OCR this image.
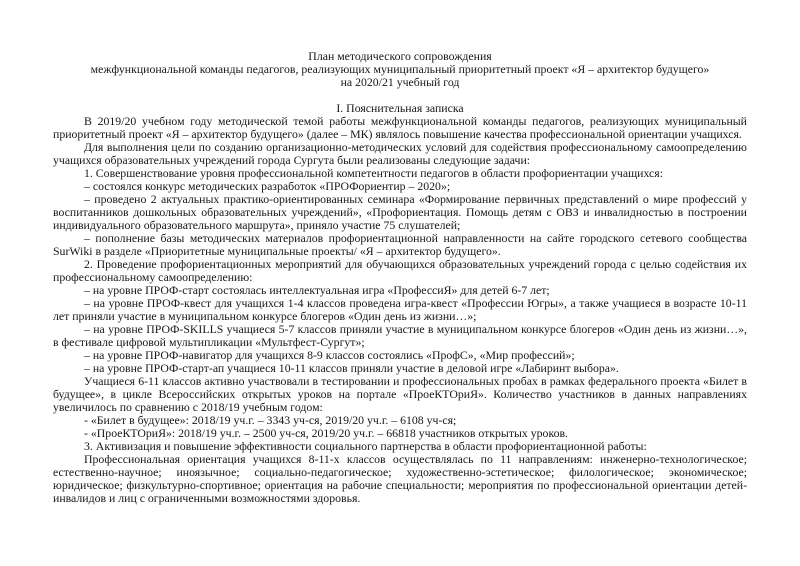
План методического сопровождения
межфункциональной команды педагогов, реализующих муниципальный приоритетный проект «Я – архитектор будущего»
на 2020/21 учебный год
I. Пояснительная записка

В 2019/20 учебном году методической темой работы межфункциональной команды педагогов, реализующих муниципальный приоритетный проект «Я – архитектор будущего» (далее – МК) являлось повышение качества профессиональной ориентации учащихся.

Для выполнения цели по созданию организационно-методических условий для содействия профессиональному самоопределению учащихся образовательных учреждений города Сургута были реализованы следующие задачи:

1. Совершенствование уровня профессиональной компетентности педагогов в области профориентации учащихся:

– состоялся конкурс методических разработок «ПРОФориентир – 2020»;

– проведено 2 актуальных практико-ориентированных семинара «Формирование первичных представлений о мире профессий у воспитанников дошкольных образовательных учреждений», «Профориентация. Помощь детям с ОВЗ и инвалидностью в построении индивидуального образовательного маршрута», приняло участие 75 слушателей;

– пополнение базы методических материалов профориентационной направленности на сайте городского сетевого сообщества SurWiki в разделе «Приоритетные муниципальные проекты/ «Я – архитектор будущего».

2. Проведение профориентационных мероприятий для обучающихся образовательных учреждений города с целью содействия их профессиональному самоопределению:

– на уровне ПРОФ-старт состоялась интеллектуальная игра «ПрофессиЯ» для детей 6-7 лет;

– на уровне ПРОФ-квест для учащихся 1-4 классов проведена игра-квест «Профессии Югры», а также учащиеся в возрасте 10-11 лет приняли участие в муниципальном конкурсе блогеров «Один день из жизни…»;

– на уровне ПРОФ-SKILLS учащиеся 5-7 классов приняли участие в муниципальном конкурсе блогеров «Один день из жизни…», в фестивале цифровой мультипликации «Мультфест-Сургут»;

– на уровне ПРОФ-навигатор для учащихся 8-9 классов состоялись «ПрофС», «Мир профессий»;

– на уровне ПРОФ-старт-ап учащиеся 10-11 классов приняли участие в деловой игре «Лабиринт выбора».

Учащиеся 6-11 классов активно участвовали в тестировании и профессиональных пробах в рамках федерального проекта «Билет в будущее», в цикле Всероссийских открытых уроков на портале «ПроеКТОриЯ». Количество участников в данных направлениях увеличилось по сравнению с 2018/19 учебным годом:

- «Билет в будущее»: 2018/19 уч.г. – 3343 уч-ся, 2019/20 уч.г. – 6108 уч-ся;

- «ПроеКТОриЯ»: 2018/19 уч.г. – 2500 уч-ся, 2019/20 уч.г. – 66818 участников открытых уроков.

3. Активизация и повышение эффективности социального партнерства в области профориентационной работы:

Профессиональная ориентация учащихся 8-11-х классов осуществлялась по 11 направлениям: инженерно-технологическое; естественно-научное; иноязычное; социально-педагогическое; художественно-эстетическое; филологическое; экономическое; юридическое; физкультурно-спортивное; ориентация на рабочие специальности; мероприятия по профессиональной ориентации детей-инвалидов и лиц с ограниченными возможностями здоровья.
